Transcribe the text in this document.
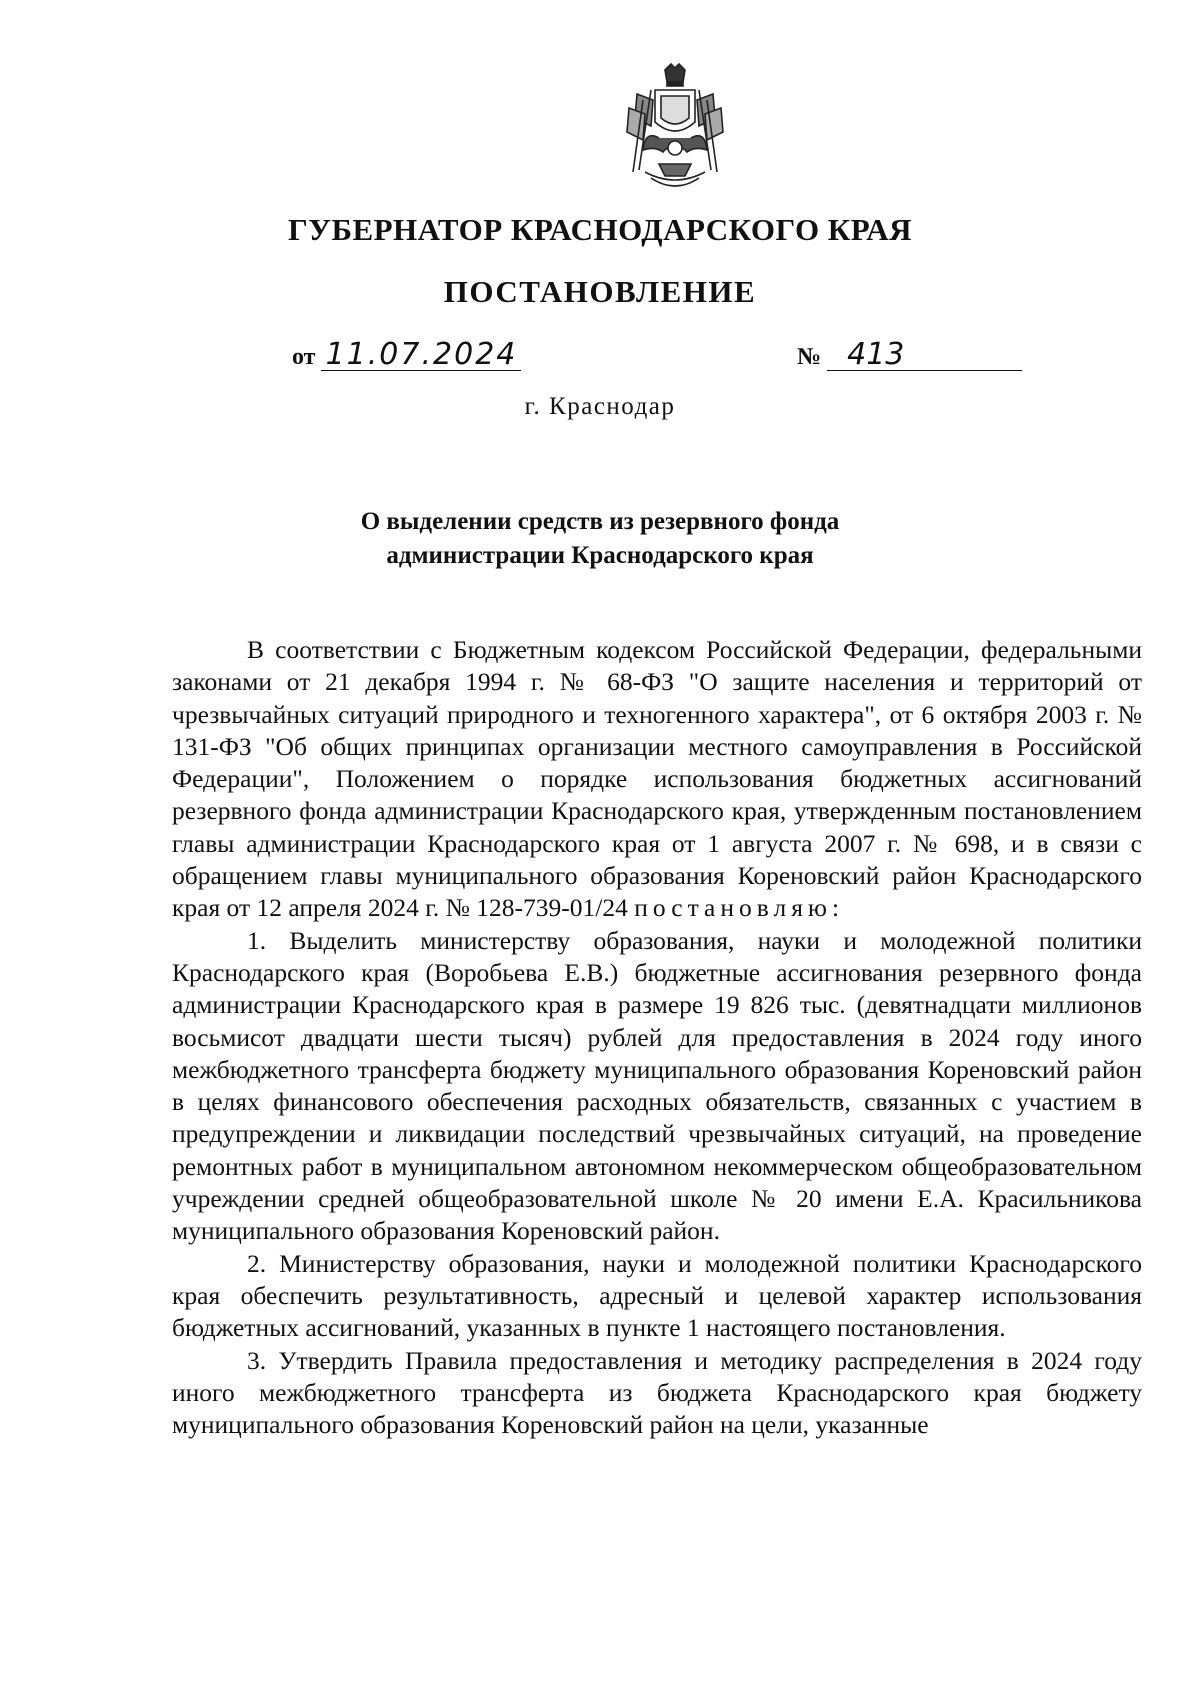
ГУБЕРНАТОР КРАСНОДАРСКОГО КРАЯ
ПОСТАНОВЛЕНИЕ
от 11.07.2024	№ 413
г. Краснодар
О выделении средств из резервного фонда
администрации Краснодарского края

В соответствии с Бюджетным кодексом Российской Федерации, федеральными законами от 21 декабря 1994 г. № 68-ФЗ "О защите населения и территорий от чрезвычайных ситуаций природного и техногенного характера", от 6 октября 2003 г. № 131-ФЗ "Об общих принципах организации местного самоуправления в Российской Федерации", Положением о порядке использования бюджетных ассигнований резервного фонда администрации Краснодарского края, утвержденным постановлением главы администрации Краснодарского края от 1 августа 2007 г. № 698, и в связи с обращением главы муниципального образования Кореновский район Краснодарского края от 12 апреля 2024 г. № 128-739-01/24 постановляю:

1. Выделить министерству образования, науки и молодежной политики Краснодарского края (Воробьева Е.В.) бюджетные ассигнования резервного фонда администрации Краснодарского края в размере 19 826 тыс. (девятнадцати миллионов восьмисот двадцати шести тысяч) рублей для предоставления в 2024 году иного межбюджетного трансферта бюджету муниципального образования Кореновский район в целях финансового обеспечения расходных обязательств, связанных с участием в предупреждении и ликвидации последствий чрезвычайных ситуаций, на проведение ремонтных работ в муниципальном автономном некоммерческом общеобразовательном учреждении средней общеобразовательной школе № 20 имени Е.А. Красильникова муниципального образования Кореновский район.

2. Министерству образования, науки и молодежной политики Краснодарского края обеспечить результативность, адресный и целевой характер использования бюджетных ассигнований, указанных в пункте 1 настоящего постановления.

3. Утвердить Правила предоставления и методику распределения в 2024 году иного межбюджетного трансферта из бюджета Краснодарского края бюджету муниципального образования Кореновский район на цели, указанные
